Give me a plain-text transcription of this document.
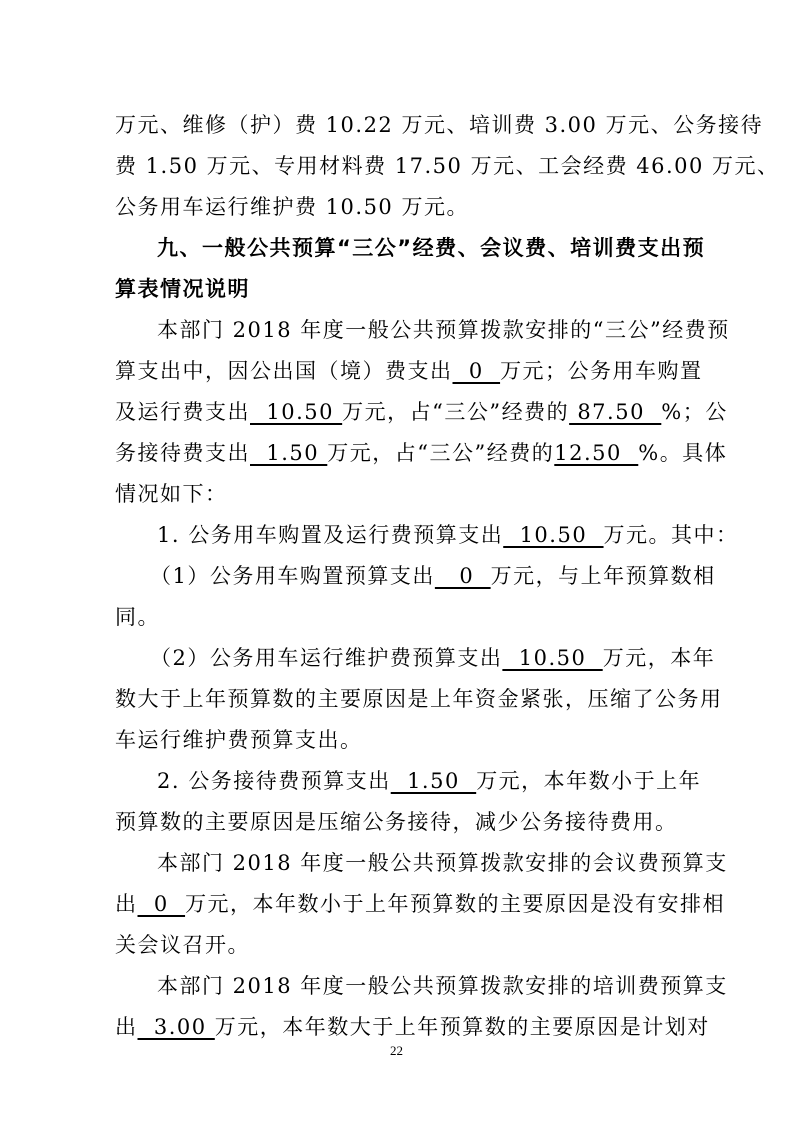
万元、维修（护）费 10.22 万元、培训费 3.00 万元、公务接待
费 1.50 万元、专用材料费 17.50 万元、工会经费 46.00 万元、
公务用车运行维护费 10.50 万元。
九、一般公共预算“三公”经费、会议费、培训费支出预
算表情况说明
本部门 2018 年度一般公共预算拨款安排的“三公”经费预
算支出中，因公出国（境）费支出  0  万元；公务用车购置
及运行费支出  10.50 万元，占“三公”经费的 87.50  %；公
务接待费支出  1.50 万元，占“三公”经费的12.50  %。具体
情况如下：
1. 公务用车购置及运行费预算支出  10.50  万元。其中：
（1）公务用车购置预算支出   0  万元，与上年预算数相
同。
（2）公务用车运行维护费预算支出  10.50  万元，本年
数大于上年预算数的主要原因是上年资金紧张，压缩了公务用
车运行维护费预算支出。
2. 公务接待费预算支出  1.50  万元，本年数小于上年
预算数的主要原因是压缩公务接待，减少公务接待费用。
本部门 2018 年度一般公共预算拨款安排的会议费预算支
出  0  万元，本年数小于上年预算数的主要原因是没有安排相
关会议召开。
本部门 2018 年度一般公共预算拨款安排的培训费预算支
出  3.00 万元，本年数大于上年预算数的主要原因是计划对
22
